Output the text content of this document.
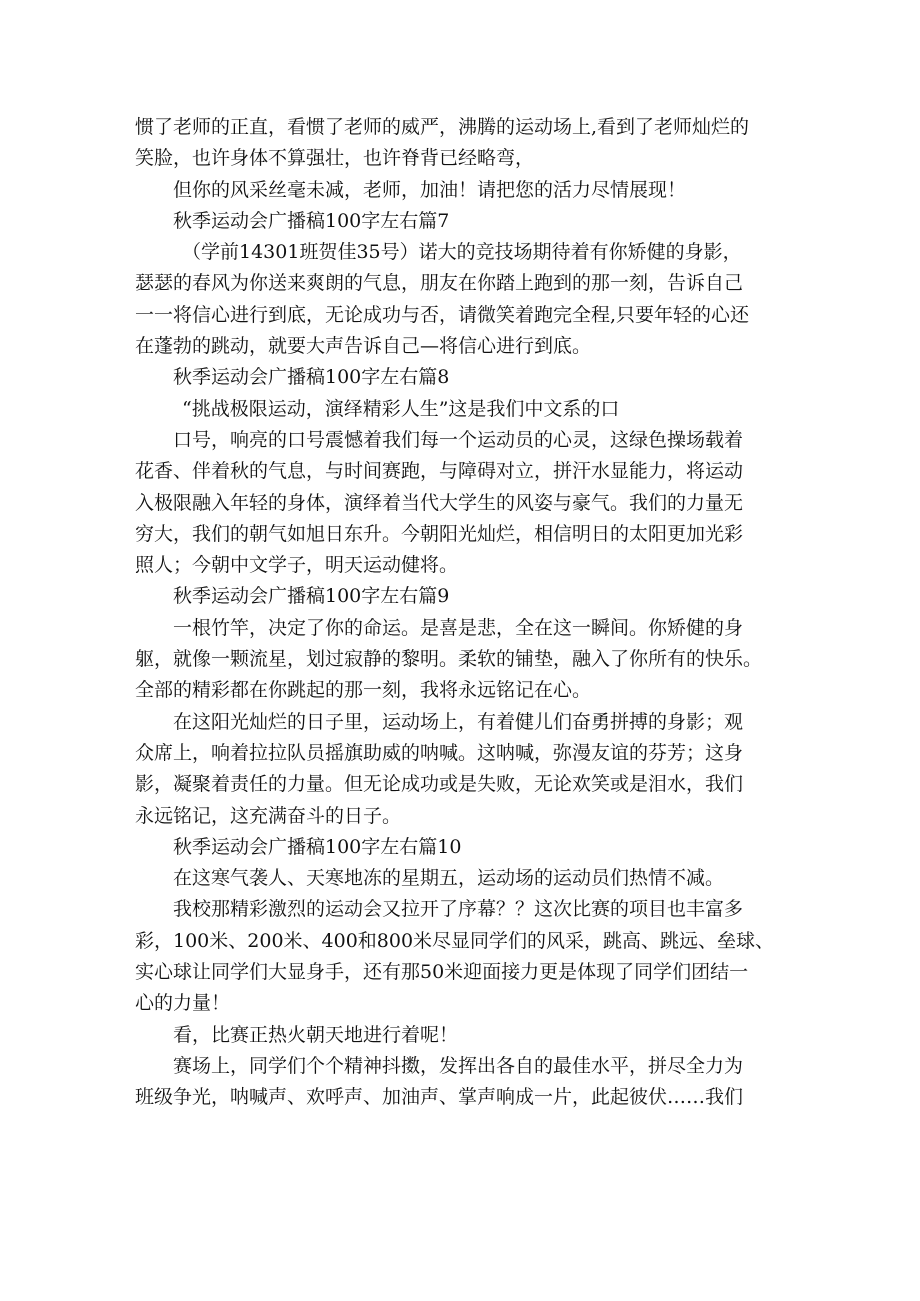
惯了老师的正直，看惯了老师的威严，沸腾的运动场上,看到了老师灿烂的
笑脸，也许身体不算强壮，也许脊背已经略弯，
但你的风采丝毫未减，老师，加油！请把您的活力尽情展现！
秋季运动会广播稿100字左右篇7
（学前14301班贺佳35号）诺大的竞技场期待着有你矫健的身影，
瑟瑟的春风为你送来爽朗的气息，朋友在你踏上跑到的那一刻，告诉自己
一一将信心进行到底，无论成功与否，请微笑着跑完全程,只要年轻的心还
在蓬勃的跳动，就要大声告诉自己—将信心进行到底。
秋季运动会广播稿100字左右篇8
“挑战极限运动，演绎精彩人生”这是我们中文系的口
口号，响亮的口号震憾着我们每一个运动员的心灵，这绿色操场载着
花香、伴着秋的气息，与时间赛跑，与障碍对立，拼汗水显能力，将运动
入极限融入年轻的身体，演绎着当代大学生的风姿与豪气。我们的力量无
穷大，我们的朝气如旭日东升。今朝阳光灿烂，相信明日的太阳更加光彩
照人；今朝中文学子，明天运动健将。
秋季运动会广播稿100字左右篇9
一根竹竿，决定了你的命运。是喜是悲，全在这一瞬间。你矫健的身
躯，就像一颗流星，划过寂静的黎明。柔软的铺垫，融入了你所有的快乐。
全部的精彩都在你跳起的那一刻，我将永远铭记在心。
在这阳光灿烂的日子里，运动场上，有着健儿们奋勇拼搏的身影；观
众席上，响着拉拉队员摇旗助威的呐喊。这呐喊，弥漫友谊的芬芳；这身
影，凝聚着责任的力量。但无论成功或是失败，无论欢笑或是泪水，我们
永远铭记，这充满奋斗的日子。
秋季运动会广播稿100字左右篇10
在这寒气袭人、天寒地冻的星期五，运动场的运动员们热情不减。
我校那精彩激烈的运动会又拉开了序幕？？这次比赛的项目也丰富多
彩，100米、200米、400和800米尽显同学们的风采，跳高、跳远、垒球、
实心球让同学们大显身手，还有那50米迎面接力更是体现了同学们团结一
心的力量！
看，比赛正热火朝天地进行着呢！
赛场上，同学们个个精神抖擞，发挥出各自的最佳水平，拼尽全力为
班级争光，呐喊声、欢呼声、加油声、掌声响成一片，此起彼伏……我们
